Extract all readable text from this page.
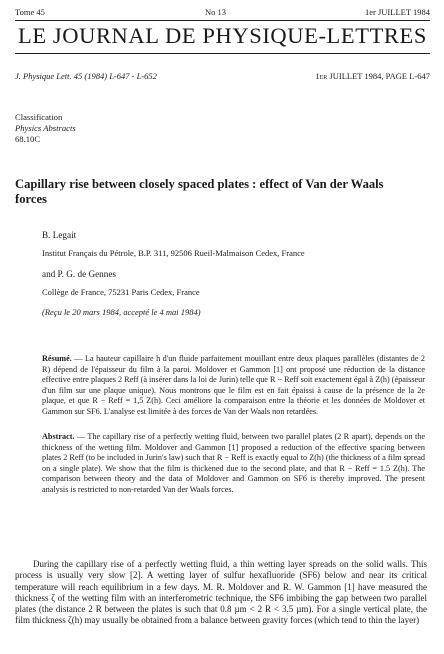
Tome 45	No 13	1er JUILLET 1984
LE JOURNAL DE PHYSIQUE-LETTRES
J. Physique Lett. 45 (1984) L-647 - L-652	1er JUILLET 1984, PAGE L-647
Classification
Physics Abstracts
68.10C
Capillary rise between closely spaced plates : effect of Van der Waals forces
B. Legait
Institut Français du Pétrole, B.P. 311, 92506 Rueil-Malmaison Cedex, France
and P. G. de Gennes
Collège de France, 75231 Paris Cedex, France
(Reçu le 20 mars 1984, accepté le 4 mai 1984)
Résumé. — La hauteur capillaire h d'un fluide parfaitement mouillant entre deux plaques parallèles (distantes de 2 R) dépend de l'épaisseur du film à la paroi. Moldover et Gammon [1] ont proposé une réduction de la distance effective entre plaques 2 Reff (à insérer dans la loi de Jurin) telle que R − Reff soit exactement égal à Z(h) (épaisseur d'un film sur une plaque unique). Nous montrons que le film est en fait épaissi à cause de la présence de la 2e plaque, et que R − Reff = 1,5 Z(h). Ceci améliore la comparaison entre la théorie et les données de Moldover et Gammon sur SF6. L'analyse est limitée à des forces de Van der Waals non retardées.
Abstract. — The capillary rise of a perfectly wetting fluid, between two parallel plates (2 R apart), depends on the thickness of the wetting film. Moldover and Gammon [1] proposed a reduction of the effective spacing between plates 2 Reff (to be included in Jurin's law) such that R − Reff is exactly equal to Z(h) (the thickness of a film spread on a single plate). We show that the film is thickened due to the second plate, and that R − Reff = 1.5 Z(h). The comparison between theory and the data of Moldover and Gammon on SF6 is thereby improved. The present analysis is restricted to non-retarded Van der Waals forces.
During the capillary rise of a perfectly wetting fluid, a thin wetting layer spreads on the solid walls. This process is usually very slow [2]. A wetting layer of sulfur hexafluoride (SF6) below and near its critical temperature will reach equilibrium in a few days. M. R. Moldover and R. W. Gammon [1] have measured the thickness ζ of the wetting film with an interferometric technique, the SF6 imbibing the gap between two parallel plates (the distance 2 R between the plates is such that 0.8 µm < 2 R < 3.5 µm). For a single vertical plate, the film thickness ζ(h) may usually be obtained from a balance between gravity forces (which tend to thin the layer)
